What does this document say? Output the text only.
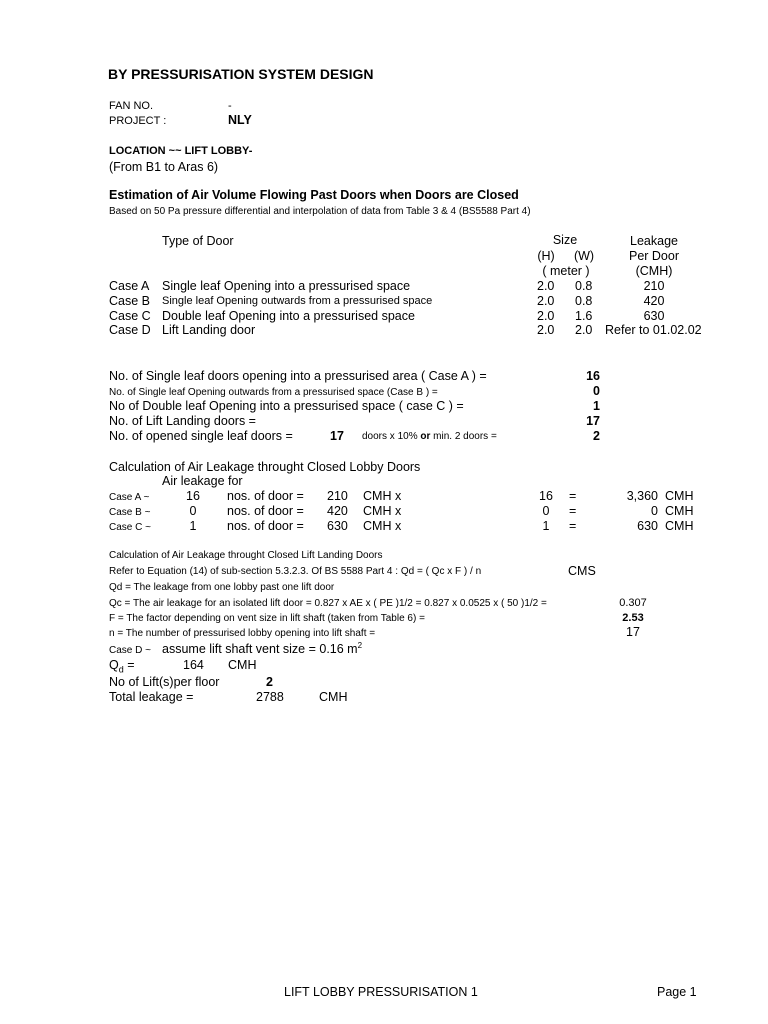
BY PRESSURISATION SYSTEM DESIGN
FAN NO.	-
PROJECT :	NLY
LOCATION ~~ LIFT LOBBY-
(From B1 to Aras 6)
Estimation of Air Volume Flowing Past Doors when Doors are Closed
Based on 50 Pa pressure differential and interpolation of data from Table 3 & 4 (BS5588 Part 4)
Type of Door	Size
(H)	(W)
( meter )
Leakage
Per Door
(CMH)
Case A Single leaf Opening into a pressurised space	2.0 0.8	210
Case B Single leaf Opening outwards from a pressurised space	2.0 0.8	420
Case C Double leaf Opening into a pressurised space	2.0 1.6	630
Case D Lift Landing door	2.0 2.0 Refer to 01.02.02
No. of Single leaf doors opening into a pressurised area ( Case A ) =	16
No. of Single leaf Opening outwards from a pressurised space (Case B ) =	0
No of Double leaf Opening into a pressurised space ( case C ) =	1
No. of Lift Landing doors =	17
No. of opened single leaf doors =	17 doors x 10% or min. 2 doors =	2
Calculation of Air Leakage throught Closed Lobby Doors
Air leakage for
Case A ~	16	nos. of door = 210 CMH x	16	=	3,360 CMH
Case B ~	0	nos. of door = 420 CMH x	0	=	0 CMH
Case C ~	1	nos. of door = 630 CMH x	1	=	630 CMH
Calculation of Air Leakage throught Closed Lift Landing Doors
Refer to Equation (14) of sub-section 5.3.2.3. Of BS 5588 Part 4 : Qd = ( Qc x F ) / n	CMS
Qd = The leakage from one lobby past one lift door
Qc = The air leakage for an isolated lift door = 0.827 x AE x ( PE )1/2 = 0.827 x 0.0525 x ( 50 )1/2 =	0.307
F = The factor depending on vent size in lift shaft (taken from Table 6) =	2.53
n = The number of pressurised lobby opening into lift shaft =	17
Case D ~ assume lift shaft vent size = 0.16 $m^2$
$Q_d$ =	164 CMH
No of Lift(s)per floor	2
Total leakage =	2788	CMH
LIFT LOBBY PRESSURISATION 1	Page 1
